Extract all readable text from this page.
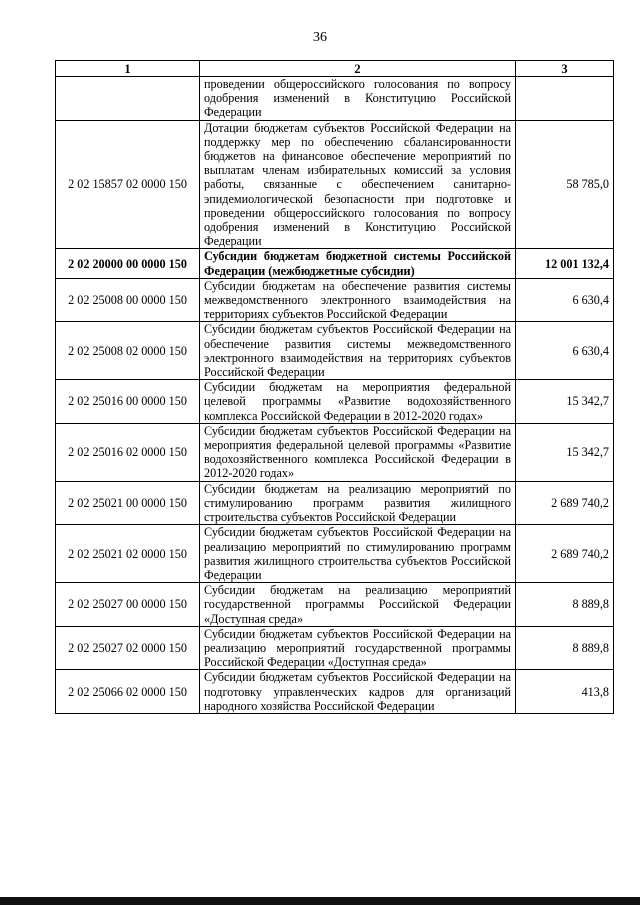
36
1	2	3
	проведении общероссийского голосования по вопросу одобрения изменений в Конституцию Российской Федерации	
2 02 15857 02 0000 150	Дотации бюджетам субъектов Российской Федерации на поддержку мер по обеспечению сбалансированности бюджетов на финансовое обеспечение мероприятий по выплатам членам избирательных комиссий за условия работы, связанные с обеспечением санитарно-эпидемиологической безопасности при подготовке и проведении общероссийского голосования по вопросу одобрения изменений в Конституцию Российской Федерации	58 785,0
2 02 20000 00 0000 150	Субсидии бюджетам бюджетной системы Российской Федерации (межбюджетные субсидии)	12 001 132,4
2 02 25008 00 0000 150	Субсидии бюджетам на обеспечение развития системы межведомственного электронного взаимодействия на территориях субъектов Российской Федерации	6 630,4
2 02 25008 02 0000 150	Субсидии бюджетам субъектов Российской Федерации на обеспечение развития системы межведомственного электронного взаимодействия на территориях субъектов Российской Федерации	6 630,4
2 02 25016 00 0000 150	Субсидии бюджетам на мероприятия федеральной целевой программы «Развитие водохозяйственного комплекса Российской Федерации в 2012-2020 годах»	15 342,7
2 02 25016 02 0000 150	Субсидии бюджетам субъектов Российской Федерации на мероприятия федеральной целевой программы «Развитие водохозяйственного комплекса Российской Федерации в 2012-2020 годах»	15 342,7
2 02 25021 00 0000 150	Субсидии бюджетам на реализацию мероприятий по стимулированию программ развития жилищного строительства субъектов Российской Федерации	2 689 740,2
2 02 25021 02 0000 150	Субсидии бюджетам субъектов Российской Федерации на реализацию мероприятий по стимулированию программ развития жилищного строительства субъектов Российской Федерации	2 689 740,2
2 02 25027 00 0000 150	Субсидии бюджетам на реализацию мероприятий государственной программы Российской Федерации «Доступная среда»	8 889,8
2 02 25027 02 0000 150	Субсидии бюджетам субъектов Российской Федерации на реализацию мероприятий государственной программы Российской Федерации «Доступная среда»	8 889,8
2 02 25066 02 0000 150	Субсидии бюджетам субъектов Российской Федерации на подготовку управленческих кадров для организаций народного хозяйства Российской Федерации	413,8
